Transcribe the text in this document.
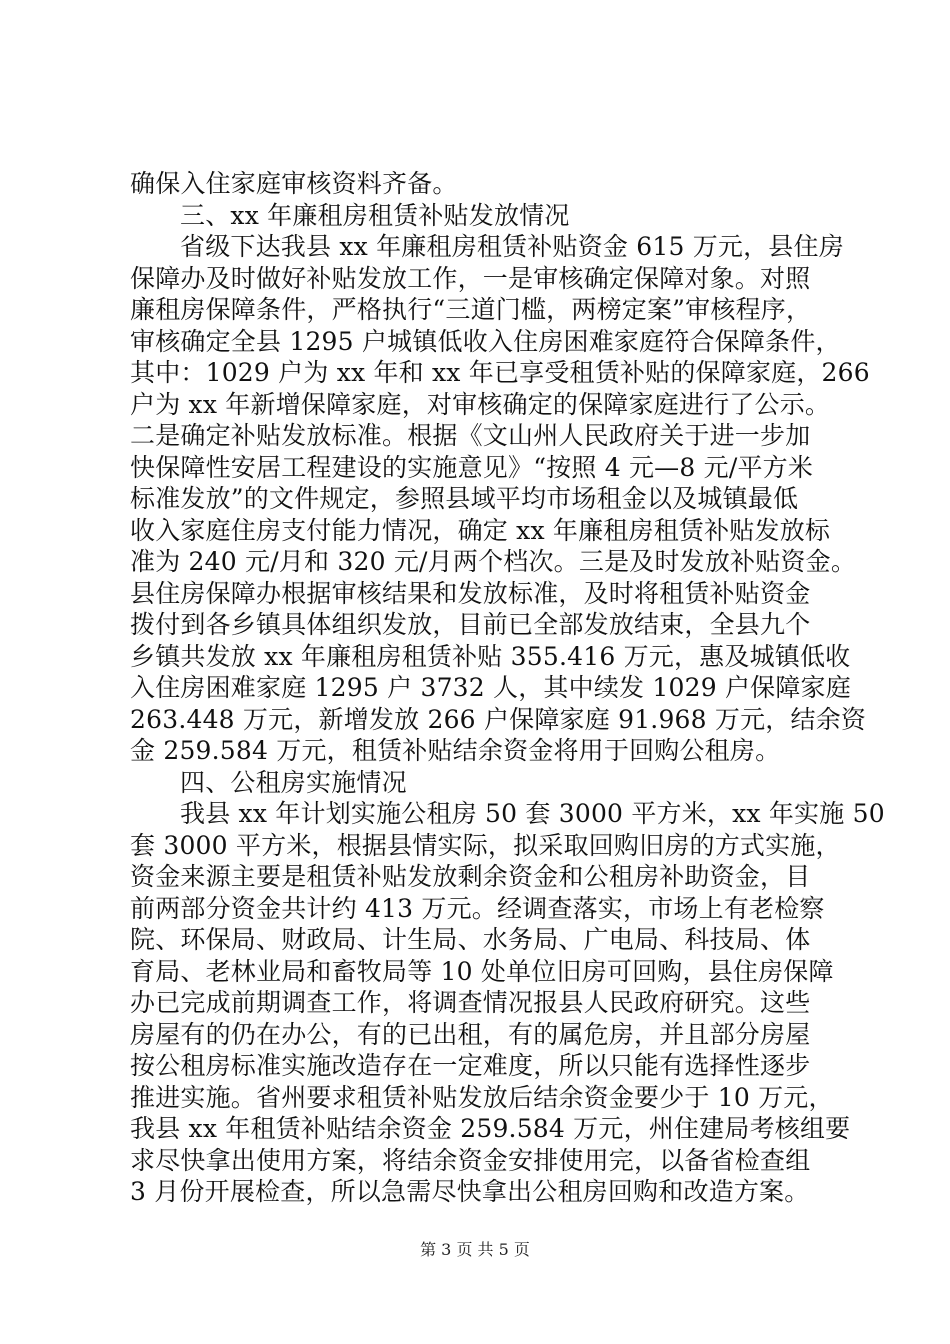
确保入住家庭审核资料齐备。
三、xx 年廉租房租赁补贴发放情况
省级下达我县 xx 年廉租房租赁补贴资金 615 万元，县住房
保障办及时做好补贴发放工作，一是审核确定保障对象。对照
廉租房保障条件，严格执行“三道门槛，两榜定案”审核程序，
审核确定全县 1295 户城镇低收入住房困难家庭符合保障条件，
其中：1029 户为 xx 年和 xx 年已享受租赁补贴的保障家庭，266
户为 xx 年新增保障家庭，对审核确定的保障家庭进行了公示。
二是确定补贴发放标准。根据《文山州人民政府关于进一步加
快保障性安居工程建设的实施意见》“按照 4 元—8 元/平方米
标准发放”的文件规定，参照县域平均市场租金以及城镇最低
收入家庭住房支付能力情况，确定 xx 年廉租房租赁补贴发放标
准为 240 元/月和 320 元/月两个档次。三是及时发放补贴资金。
县住房保障办根据审核结果和发放标准，及时将租赁补贴资金
拨付到各乡镇具体组织发放，目前已全部发放结束，全县九个
乡镇共发放 xx 年廉租房租赁补贴 355.416 万元，惠及城镇低收
入住房困难家庭 1295 户 3732 人，其中续发 1029 户保障家庭
263.448 万元，新增发放 266 户保障家庭 91.968 万元，结余资
金 259.584 万元，租赁补贴结余资金将用于回购公租房。
四、公租房实施情况
我县 xx 年计划实施公租房 50 套 3000 平方米，xx 年实施 50
套 3000 平方米，根据县情实际，拟采取回购旧房的方式实施，
资金来源主要是租赁补贴发放剩余资金和公租房补助资金，目
前两部分资金共计约 413 万元。经调查落实，市场上有老检察
院、环保局、财政局、计生局、水务局、广电局、科技局、体
育局、老林业局和畜牧局等 10 处单位旧房可回购，县住房保障
办已完成前期调查工作，将调查情况报县人民政府研究。这些
房屋有的仍在办公，有的已出租，有的属危房，并且部分房屋
按公租房标准实施改造存在一定难度，所以只能有选择性逐步
推进实施。省州要求租赁补贴发放后结余资金要少于 10 万元，
我县 xx 年租赁补贴结余资金 259.584 万元，州住建局考核组要
求尽快拿出使用方案，将结余资金安排使用完，以备省检查组
3 月份开展检查，所以急需尽快拿出公租房回购和改造方案。
第 3 页 共 5 页
